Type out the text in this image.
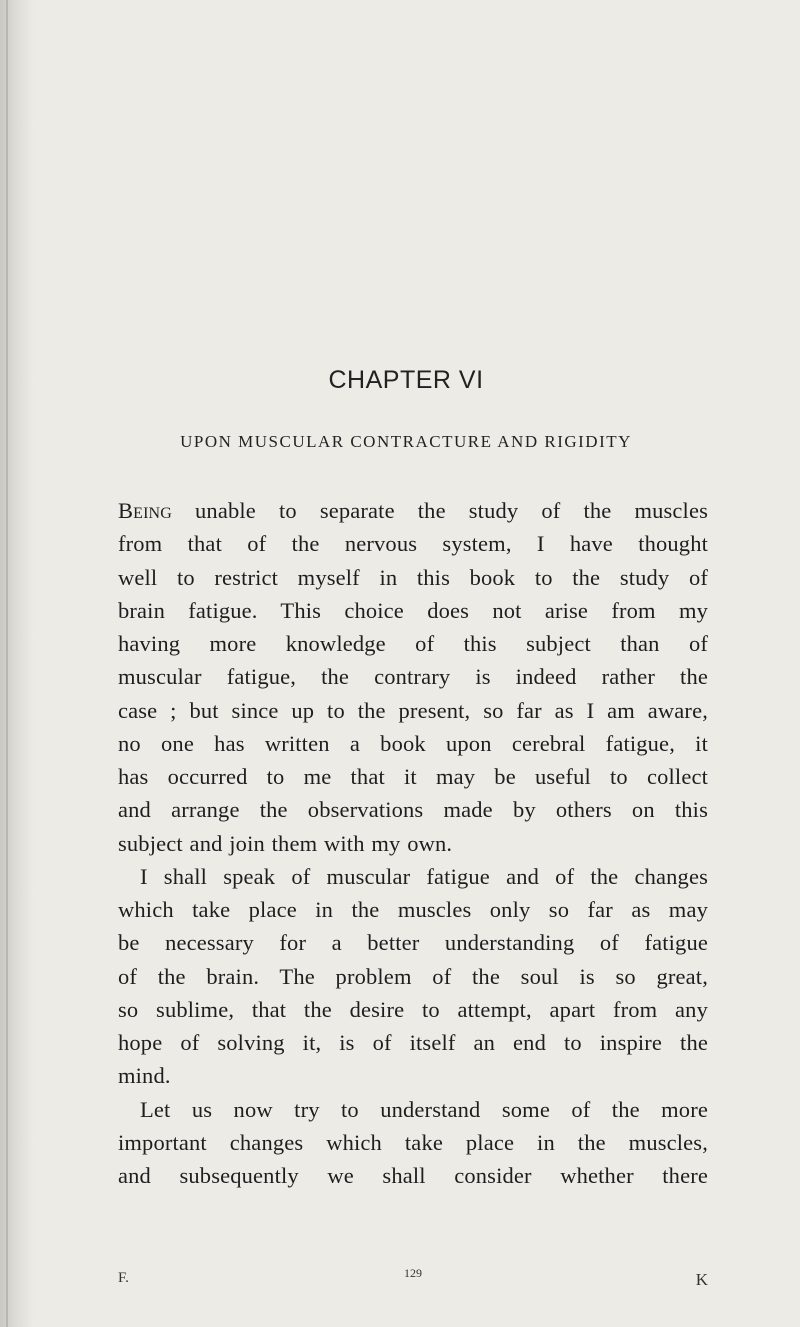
CHAPTER VI
UPON MUSCULAR CONTRACTURE AND RIGIDITY
Being unable to separate the study of the muscles
from that of the nervous system, I have thought
well to restrict myself in this book to the study of
brain fatigue. This choice does not arise from my
having more knowledge of this subject than of
muscular fatigue, the contrary is indeed rather the
case ; but since up to the present, so far as I am aware,
no one has written a book upon cerebral fatigue, it
has occurred to me that it may be useful to collect
and arrange the observations made by others on this
subject and join them with my own.
I shall speak of muscular fatigue and of the changes
which take place in the muscles only so far as may
be necessary for a better understanding of fatigue
of the brain. The problem of the soul is so great,
so sublime, that the desire to attempt, apart from any
hope of solving it, is of itself an end to inspire the
mind.
Let us now try to understand some of the more
important changes which take place in the muscles,
and subsequently we shall consider whether there
F.	129	K
